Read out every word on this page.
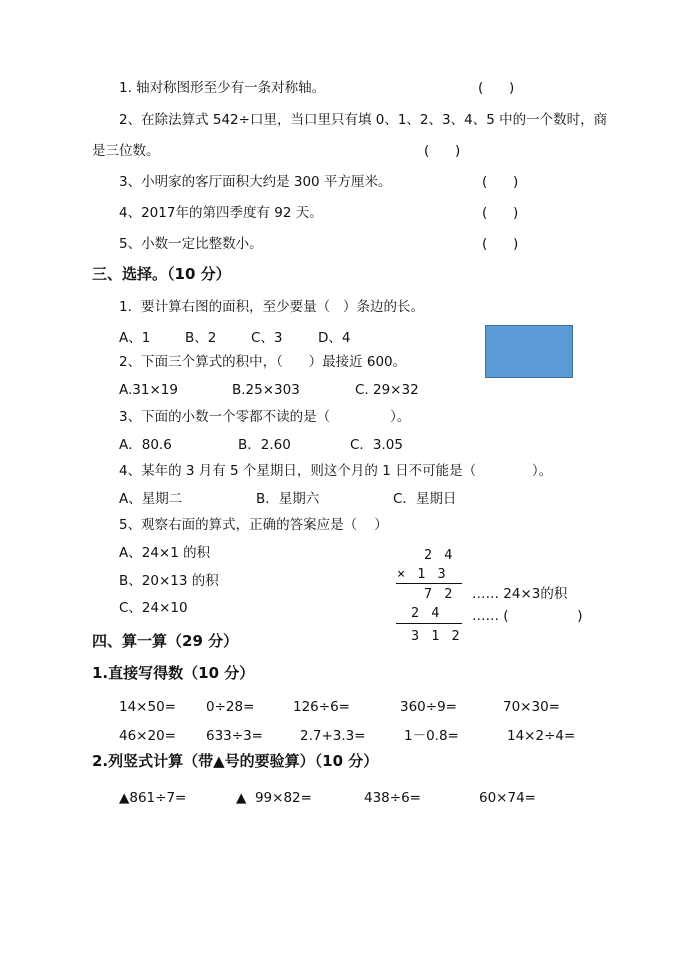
1. 轴对称图形至少有一条对称轴。	(      )
2、在除法算式 542÷口里，当口里只有填 0、1、2、3、4、5 中的一个数时，商
是三位数。	(      )
3、小明家的客厅面积大约是 300 平方厘米。	(      )
4、2017年的第四季度有 92 天。	(      )
5、小数一定比整数小。	(      )
三、选择。（10 分）
1．要计算右图的面积，至少要量（   ）条边的长。
A、1	B、2	C、3	D、4
2、下面三个算式的积中，（      ）最接近 600。
A.31×19	B.25×303	C. 29×32
3、下面的小数一个零都不读的是（              ）。
A．80.6	B．2.60	C．3.05
4、某年的 3 月有 5 个星期日，则这个月的 1 日不可能是（             ）。
A、星期二	B．星期六	C．星期日
5、观察右面的算式，正确的答案应是（    ）
A、24×1 的积
B、20×13 的积
C、24×10
2 4
× 1 3
7 2 …… 24×3的积
2 4 …… (                )
3 1 2
四、算一算（29 分）
1.直接写得数（10 分）
14×50= 0÷28=	126÷6=	360÷9=	70×30=
46×20= 633÷3=	2.7+3.3=	1－0.8=	14×2÷4=
2.列竖式计算（带▲号的要验算）（10 分）
▲861÷7=	▲  99×82=	438÷6=	60×74=
